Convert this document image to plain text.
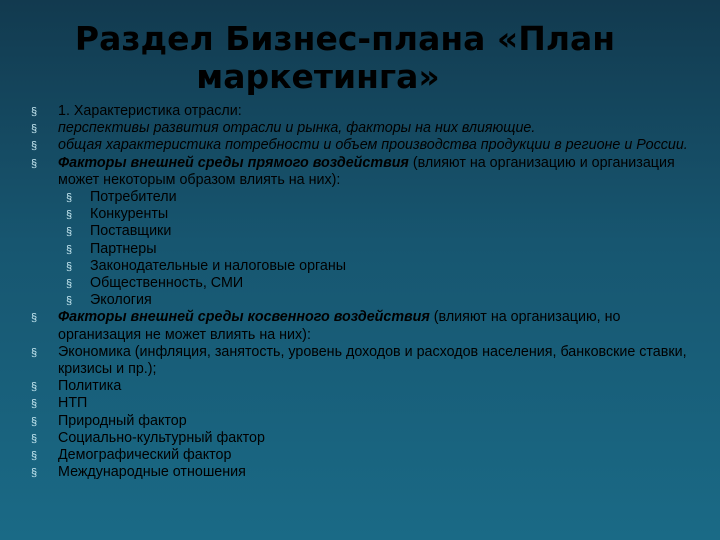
Раздел Бизнес-плана «План
маркетинга»
§ 1. Характеристика отрасли:
§ перспективы развития отрасли и рынка, факторы на них влияющие.
§ общая характеристика потребности и объем производства продукции в регионе и России.
§ Факторы внешней среды прямого воздействия (влияют на организацию и организация может некоторым образом влиять на них):
§ Потребители
§ Конкуренты
§ Поставщики
§ Партнеры
§ Законодательные и налоговые органы
§ Общественность, СМИ
§ Экология
§ Факторы внешней среды косвенного воздействия (влияют на организацию, но организация не может влиять на них):
§ Экономика (инфляция, занятость, уровень доходов и расходов населения, банковские ставки, кризисы и пр.);
§ Политика
§ НТП
§ Природный фактор
§ Социально-культурный фактор
§ Демографический фактор
§ Международные отношения
